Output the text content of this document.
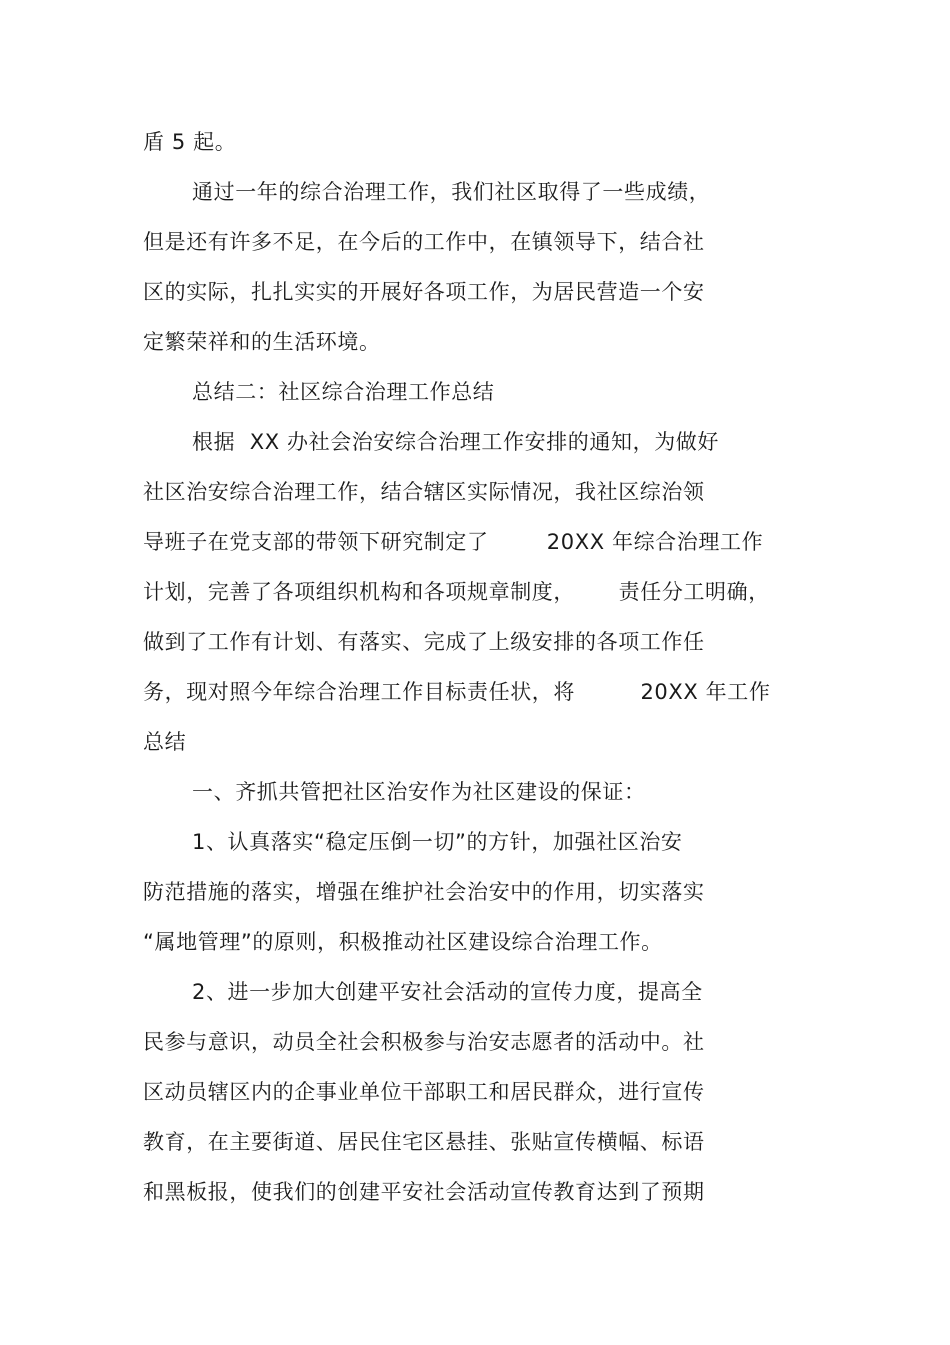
盾 5 起。
通过一年的综合治理工作，我们社区取得了一些成绩，
但是还有许多不足，在今后的工作中，在镇领导下，结合社
区的实际，扎扎实实的开展好各项工作，为居民营造一个安
定繁荣祥和的生活环境。
总结二：社区综合治理工作总结
根据  XX 办社会治安综合治理工作安排的通知，为做好
社区治安综合治理工作，结合辖区实际情况，我社区综治领
导班子在党支部的带领下研究制定了        20XX 年综合治理工作
计划，完善了各项组织机构和各项规章制度，      责任分工明确，
做到了工作有计划、有落实、完成了上级安排的各项工作任
务，现对照今年综合治理工作目标责任状，将         20XX 年工作
总结
一、齐抓共管把社区治安作为社区建设的保证：
1、认真落实“稳定压倒一切”的方针，加强社区治安
防范措施的落实，增强在维护社会治安中的作用，切实落实
“属地管理”的原则，积极推动社区建设综合治理工作。
2、进一步加大创建平安社会活动的宣传力度，提高全
民参与意识，动员全社会积极参与治安志愿者的活动中。社
区动员辖区内的企事业单位干部职工和居民群众，进行宣传
教育，在主要街道、居民住宅区悬挂、张贴宣传横幅、标语
和黑板报，使我们的创建平安社会活动宣传教育达到了预期
